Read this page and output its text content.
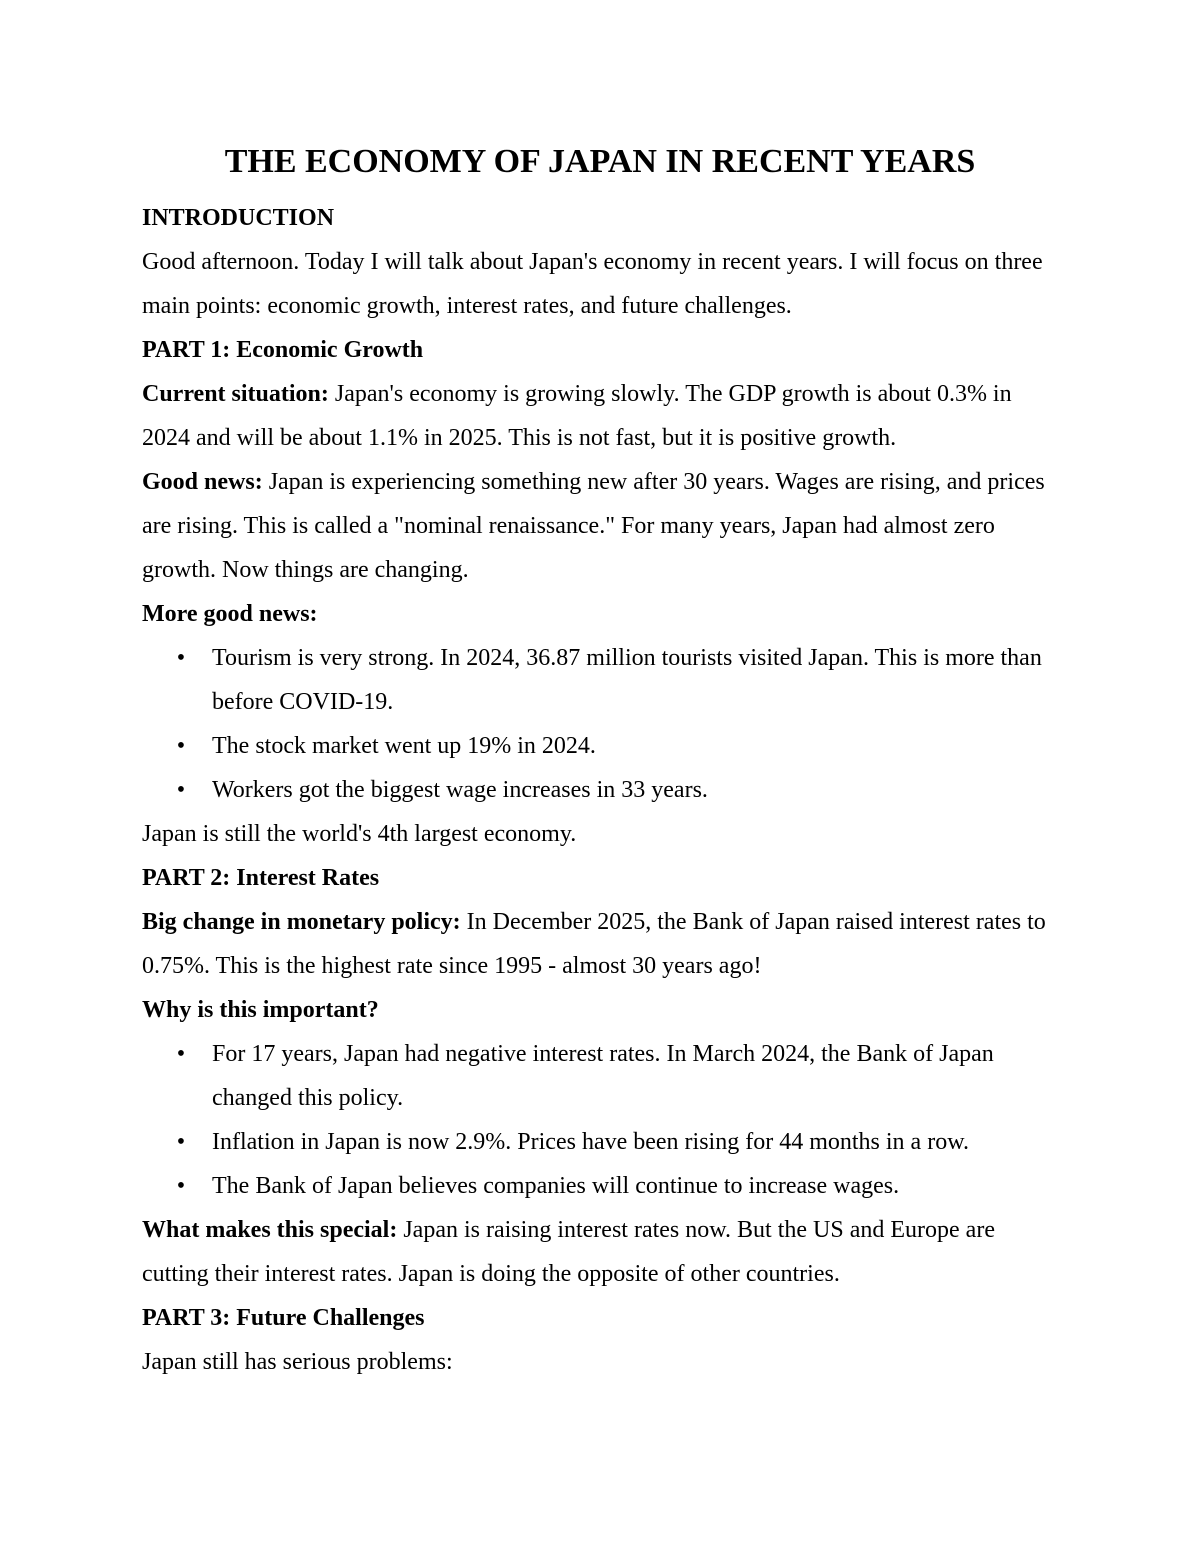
THE ECONOMY OF JAPAN IN RECENT YEARS

INTRODUCTION

Good afternoon. Today I will talk about Japan's economy in recent years. I will focus on three main points: economic growth, interest rates, and future challenges.

PART 1: Economic Growth

Current situation: Japan's economy is growing slowly. The GDP growth is about 0.3% in 2024 and will be about 1.1% in 2025. This is not fast, but it is positive growth.

Good news: Japan is experiencing something new after 30 years. Wages are rising, and prices are rising. This is called a "nominal renaissance." For many years, Japan had almost zero growth. Now things are changing.

More good news:

• Tourism is very strong. In 2024, 36.87 million tourists visited Japan. This is more than before COVID-19.
• The stock market went up 19% in 2024.
• Workers got the biggest wage increases in 33 years.

Japan is still the world's 4th largest economy.

PART 2: Interest Rates

Big change in monetary policy: In December 2025, the Bank of Japan raised interest rates to 0.75%. This is the highest rate since 1995 - almost 30 years ago!

Why is this important?

• For 17 years, Japan had negative interest rates. In March 2024, the Bank of Japan changed this policy.
• Inflation in Japan is now 2.9%. Prices have been rising for 44 months in a row.
• The Bank of Japan believes companies will continue to increase wages.

What makes this special: Japan is raising interest rates now. But the US and Europe are cutting their interest rates. Japan is doing the opposite of other countries.

PART 3: Future Challenges

Japan still has serious problems:
